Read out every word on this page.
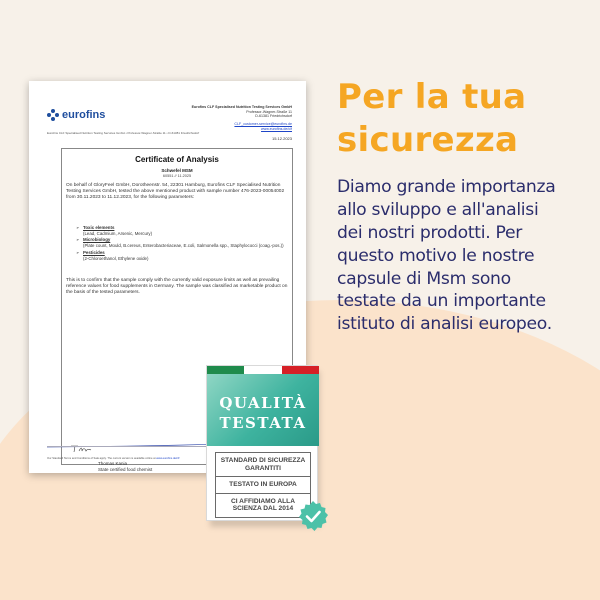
eurofins
Eurofins CLF Specialised Nutrition Testing Services GmbH
Professor-Wagner-Straße 11
D-61381 Friedrichsdorf
CLF_customer-service@eurofins.de
www.eurofins.de/clf
Eurofins CLF Specialised Nutrition Testing Services GmbH • Professor-Wagner-Straße 11 • D-61381 Friedrichsdorf
15.12.2023
Certificate of Analysis
Schwefel MSM
60551 // 11.2025
On behalf of GloryFeel GmbH, Dorotheenstr. 54, 22301 Hamburg, Eurofins CLF Specialised Nutrition Testing Services GmbH, tested the above mentioned product with sample number 476-2023-00054002 from 30.11.2023 to 11.12.2023, for the following parameters:
➢ Toxic elements
(Lead, Cadmium, Arsenic, Mercury)
➢ Microbiology
(Plate count, Mould, B.cereus, Enterobacteriaceae, E.coli, Salmonella spp., Staphylococci (coag.-pos.))
➢ Pesticides
(2-Chloroethanol, Ethylene oxide)
This is to confirm that the sample comply with the currently valid exposure limits as well as prevailing reference values for food supplements in Germany. The sample was classified as marketable product on the basis of the tested parameters.
Thomas Kania
State certified food chemist
Our Standard Terms and Conditions of Sale apply. The current version is available online at www.eurofins.de/clf
Per la tua
sicurezza
Diamo grande importanza
allo sviluppo e all'analisi
dei nostri prodotti. Per
questo motivo le nostre
capsule di Msm sono
testate da un importante
istituto di analisi europeo.
QUALITÀ
TESTATA
STANDARD DI SICUREZZA GARANTITI
TESTATO IN EUROPA
CI AFFIDIAMO ALLA SCIENZA DAL 2014
